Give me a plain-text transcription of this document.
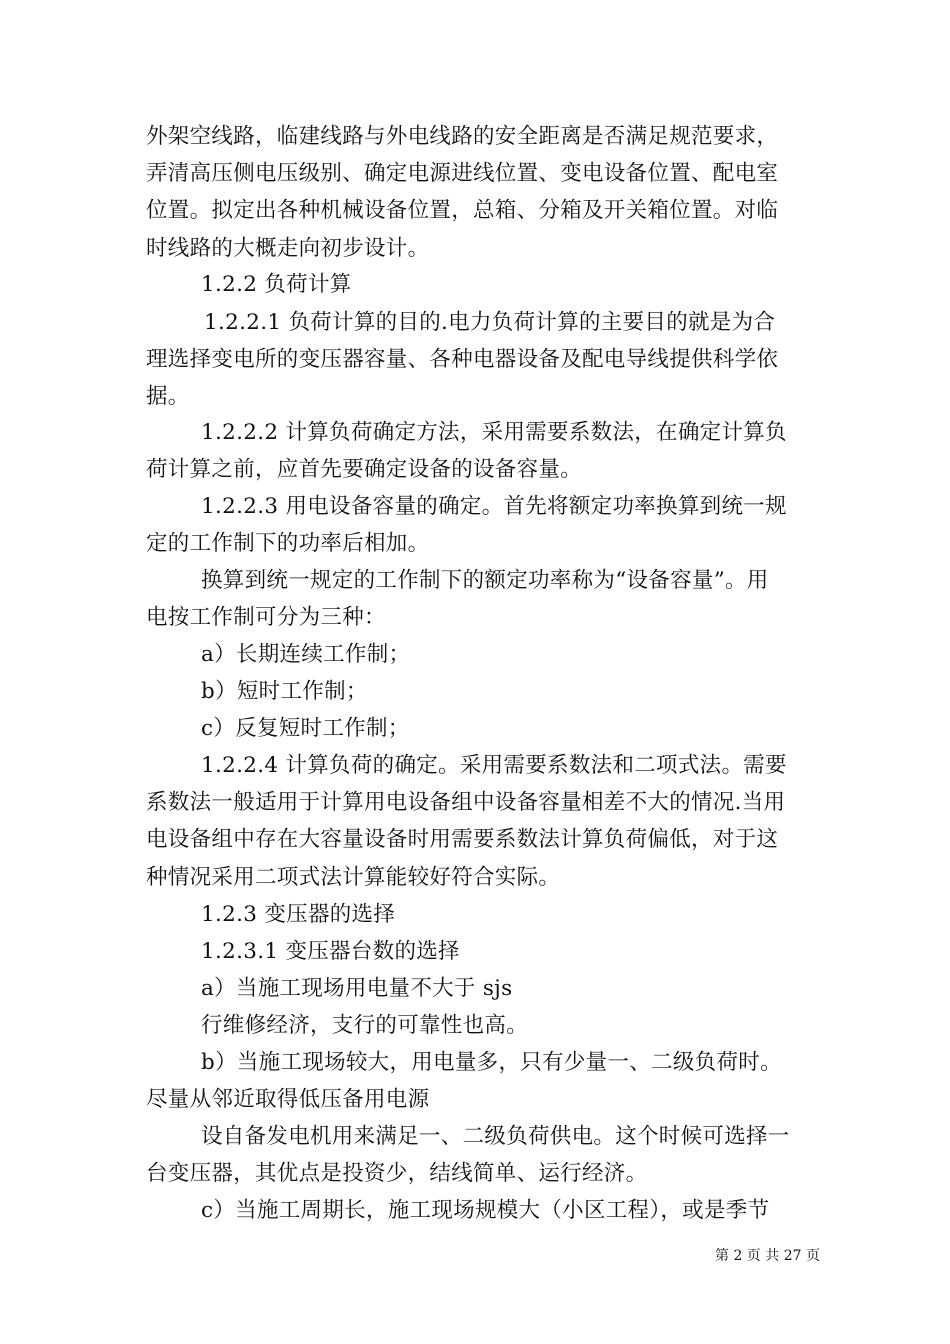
外架空线路，临建线路与外电线路的安全距离是否满足规范要求，
弄清高压侧电压级别、确定电源进线位置、变电设备位置、配电室
位置。拟定出各种机械设备位置，总箱、分箱及开关箱位置。对临
时线路的大概走向初步设计。
1.2.2 负荷计算
1.2.2.1 负荷计算的目的.电力负荷计算的主要目的就是为合
理选择变电所的变压器容量、各种电器设备及配电导线提供科学依
据。
1.2.2.2 计算负荷确定方法，采用需要系数法，在确定计算负
荷计算之前，应首先要确定设备的设备容量。
1.2.2.3 用电设备容量的确定。首先将额定功率换算到统一规
定的工作制下的功率后相加。
换算到统一规定的工作制下的额定功率称为“设备容量”。用
电按工作制可分为三种：
a）长期连续工作制；
b）短时工作制；
c）反复短时工作制；
1.2.2.4 计算负荷的确定。采用需要系数法和二项式法。需要
系数法一般适用于计算用电设备组中设备容量相差不大的情况.当用
电设备组中存在大容量设备时用需要系数法计算负荷偏低，对于这
种情况采用二项式法计算能较好符合实际。
1.2.3 变压器的选择
1.2.3.1 变压器台数的选择
a）当施工现场用电量不大于 sjs
行维修经济，支行的可靠性也高。
b）当施工现场较大，用电量多，只有少量一、二级负荷时。
尽量从邻近取得低压备用电源
设自备发电机用来满足一、二级负荷供电。这个时候可选择一
台变压器，其优点是投资少，结线简单、运行经济。
c）当施工周期长，施工现场规模大（小区工程），或是季节
第 2 页 共 27 页
